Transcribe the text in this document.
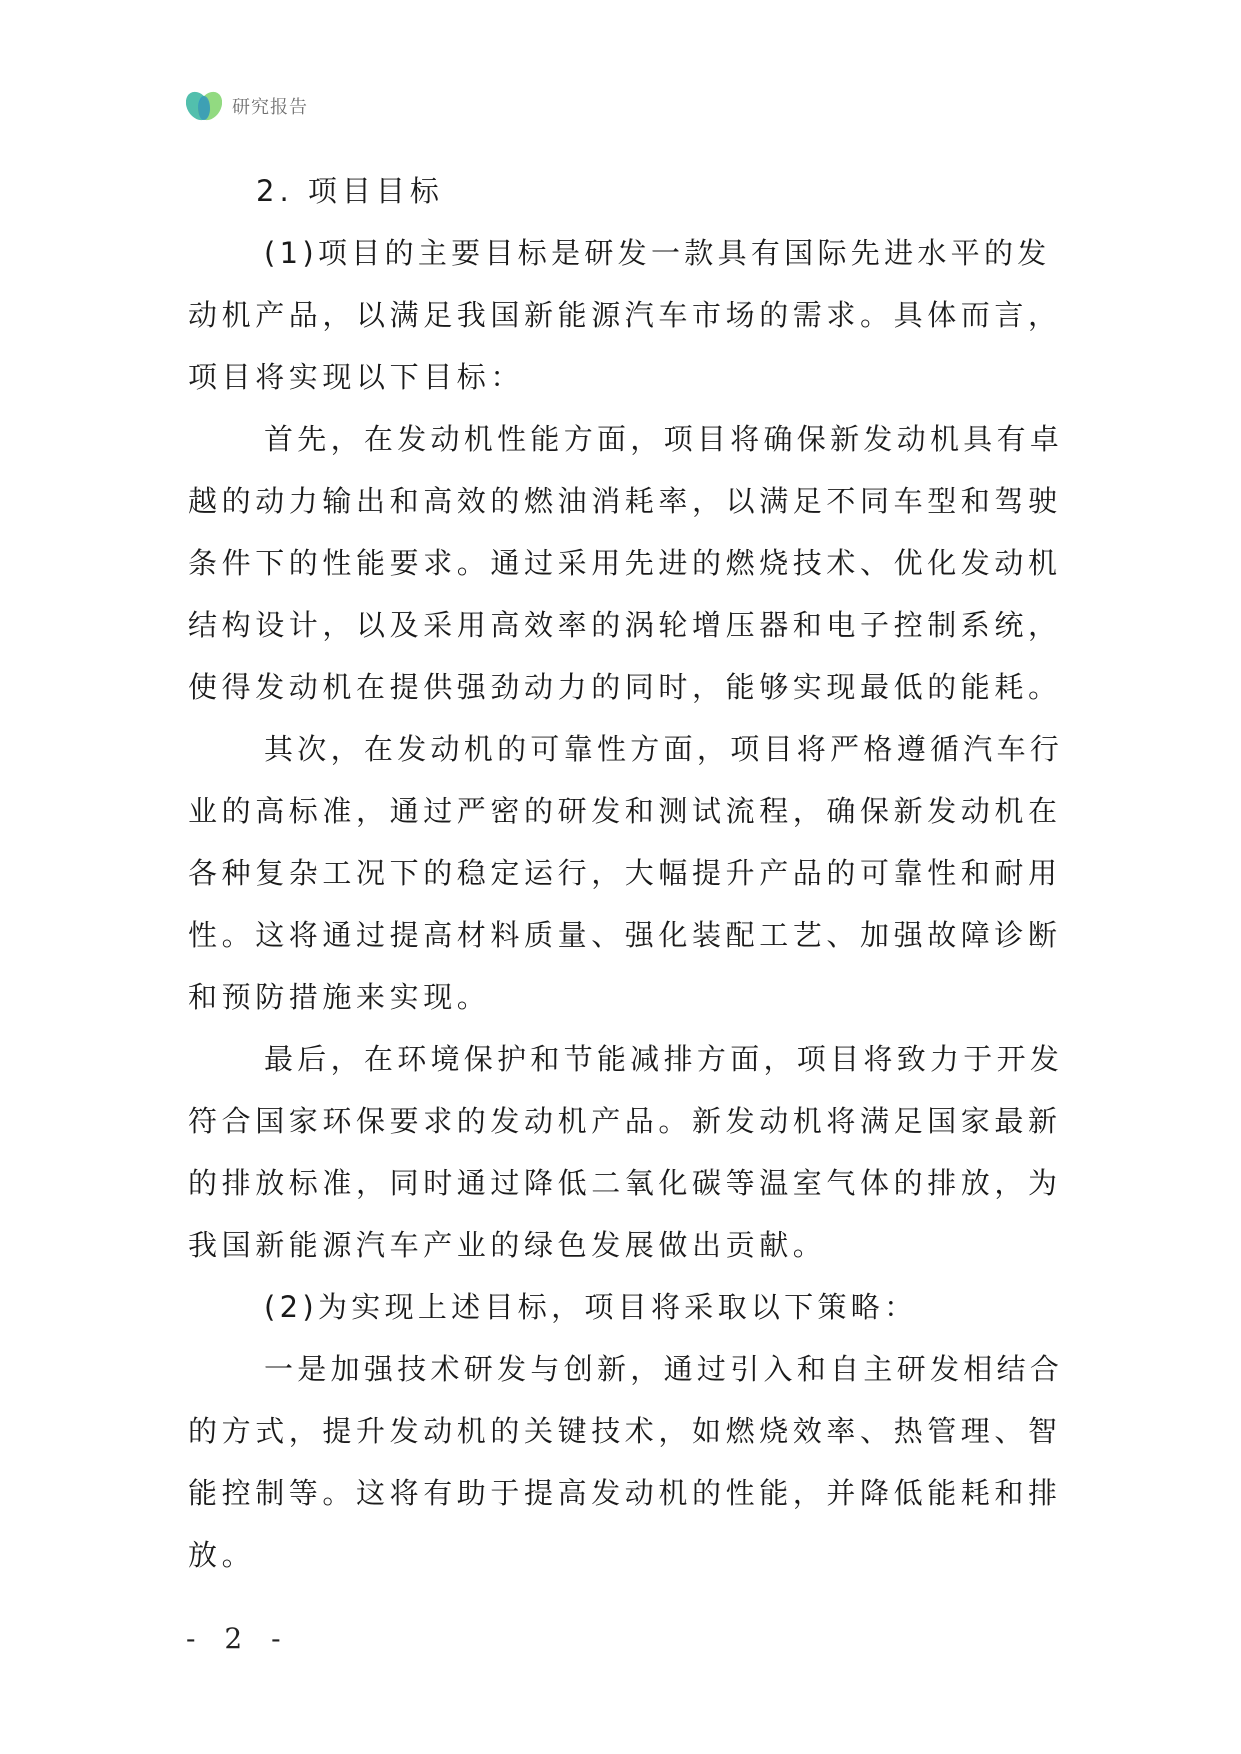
研究报告
2. 项目目标
(1)项目的主要目标是研发一款具有国际先进水平的发
动机产品，以满足我国新能源汽车市场的需求。具体而言，
项目将实现以下目标：
首先，在发动机性能方面，项目将确保新发动机具有卓
越的动力输出和高效的燃油消耗率，以满足不同车型和驾驶
条件下的性能要求。通过采用先进的燃烧技术、优化发动机
结构设计，以及采用高效率的涡轮增压器和电子控制系统，
使得发动机在提供强劲动力的同时，能够实现最低的能耗。
其次，在发动机的可靠性方面，项目将严格遵循汽车行
业的高标准，通过严密的研发和测试流程，确保新发动机在
各种复杂工况下的稳定运行，大幅提升产品的可靠性和耐用
性。这将通过提高材料质量、强化装配工艺、加强故障诊断
和预防措施来实现。
最后，在环境保护和节能减排方面，项目将致力于开发
符合国家环保要求的发动机产品。新发动机将满足国家最新
的排放标准，同时通过降低二氧化碳等温室气体的排放，为
我国新能源汽车产业的绿色发展做出贡献。
(2)为实现上述目标，项目将采取以下策略：
一是加强技术研发与创新，通过引入和自主研发相结合
的方式，提升发动机的关键技术，如燃烧效率、热管理、智
能控制等。这将有助于提高发动机的性能，并降低能耗和排
放。
- 2 -
